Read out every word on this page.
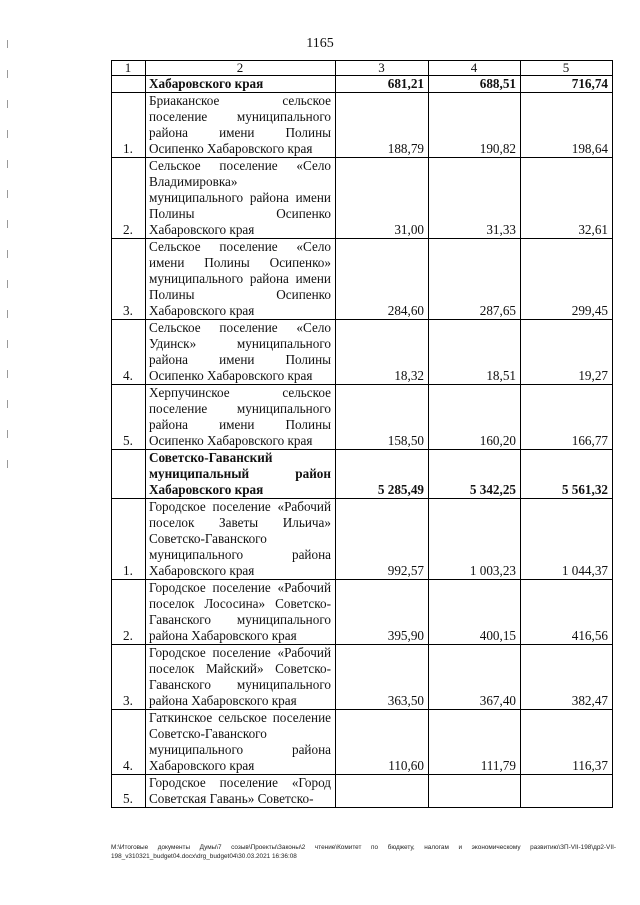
1165
1	2	3	4	5
	Хабаровского края	681,21	688,51	716,74
1.	Бриаканское сельское поселение муниципального района имени Полины Осипенко Хабаровского края	188,79	190,82	198,64
2.	Сельское поселение «Село Владимировка» муниципального района имени Полины Осипенко Хабаровского края	31,00	31,33	32,61
3.	Сельское поселение «Село имени Полины Осипенко» муниципального района имени Полины Осипенко Хабаровского края	284,60	287,65	299,45
4.	Сельское поселение «Село Удинск» муниципального района имени Полины Осипенко Хабаровского края	18,32	18,51	19,27
5.	Херпучинское сельское поселение муниципального района имени Полины Осипенко Хабаровского края	158,50	160,20	166,77
	Советско-Гаванский муниципальный район Хабаровского края	5 285,49	5 342,25	5 561,32
1.	Городское поселение «Рабочий поселок Заветы Ильича» Советско-Гаванского муниципального района Хабаровского края	992,57	1 003,23	1 044,37
2.	Городское поселение «Рабочий поселок Лососина» Советско-Гаванского муниципального района Хабаровского края	395,90	400,15	416,56
3.	Городское поселение «Рабочий поселок Майский» Советско-Гаванского муниципального района Хабаровского края	363,50	367,40	382,47
4.	Гаткинское сельское поселение Советско-Гаванского муниципального района Хабаровского края	110,60	111,79	116,37
5.	Городское поселение «Город Советская Гавань» Советско-			
M:\Итоговые документы Думы\7 созыв\Проекты\Законы\2 чтение\Комитет по бюджету, налогам и экономическому развитию\ЗП-VII-198\др2-VII-198_v310321_budget04.docx\drg_budget04\30.03.2021 16:36:08
